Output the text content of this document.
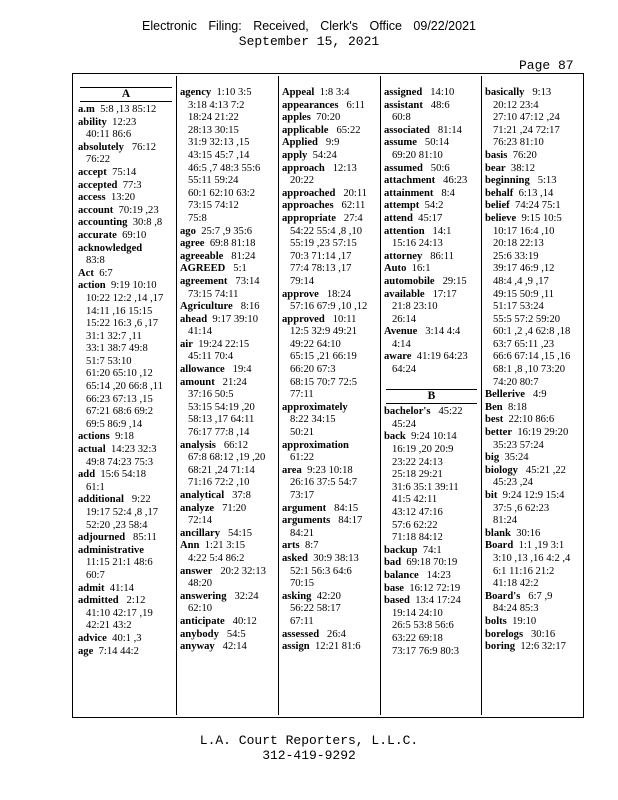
Electronic Filing: Received, Clerk's Office 09/22/2021
September 15, 2021
Page 87
A
a.m  5:8 ,13 85:12
ability  12:23
40:11 86:6
absolutely   76:12
76:22
accept  75:14
accepted  77:3
access  13:20
account  70:19 ,23
accounting  30:8 ,8
accurate  69:10
acknowledged
83:8
Act  6:7
action  9:19 10:10
10:22 12:2 ,14 ,17
14:11 ,16 15:15
15:22 16:3 ,6 ,17
31:1 32:7 ,11
33:1 38:7 49:8
51:7 53:10
61:20 65:10 ,12
65:14 ,20 66:8 ,11
66:23 67:13 ,15
67:21 68:6 69:2
69:5 86:9 ,14
actions  9:18
actual  14:23 32:3
49:8 74:23 75:3
add  15:6 54:18
61:1
additional   9:22
19:17 52:4 ,8 ,17
52:20 ,23 58:4
adjourned   85:11
administrative
11:15 21:1 48:6
60:7
admit  41:14
admitted   2:12
41:10 42:17 ,19
42:21 43:2
advice  40:1 ,3
age  7:14 44:2
agency  1:10 3:5
3:18 4:13 7:2
18:24 21:22
28:13 30:15
31:9 32:13 ,15
43:15 45:7 ,14
46:5 ,7 48:3 55:6
55:11 59:24
60:1 62:10 63:2
73:15 74:12
75:8
ago  25:7 ,9 35:6
agree  69:8 81:18
agreeable   81:24
AGREED   5:1
agreement   73:14
73:15 74:11
Agriculture   8:16
ahead  9:17 39:10
41:14
air  19:24 22:15
45:11 70:4
allowance   19:4
amount   21:24
37:16 50:5
53:15 54:19 ,20
58:13 ,17 64:11
76:17 77:8 ,14
analysis   66:12
67:8 68:12 ,19 ,20
68:21 ,24 71:14
71:16 72:2 ,10
analytical   37:8
analyze   71:20
72:14
ancillary   54:15
Ann  1:21 3:15
4:22 5:4 86:2
answer   20:2 32:13
48:20
answering   32:24
62:10
anticipate   40:12
anybody   54:5
anyway   42:14
Appeal  1:8 3:4
appearances   6:11
apples  70:20
applicable   65:22
Applied   9:9
apply  54:24
approach   12:13
20:22
approached   20:11
approaches   62:11
appropriate   27:4
54:22 55:4 ,8 ,10
55:19 ,23 57:15
70:3 71:14 ,17
77:4 78:13 ,17
79:14
approve   18:24
57:16 67:9 ,10 ,12
approved   10:11
12:5 32:9 49:21
49:22 64:10
65:15 ,21 66:19
66:20 67:3
68:15 70:7 72:5
77:11
approximately
8:22 34:15
50:21
approximation
61:22
area  9:23 10:18
26:16 37:5 54:7
73:17
argument   84:15
arguments   84:17
84:21
arts  8:7
asked  30:9 38:13
52:1 56:3 64:6
70:15
asking  42:20
56:22 58:17
67:11
assessed   26:4
assign  12:21 81:6
assigned   14:10
assistant   48:6
60:8
associated   81:14
assume   50:14
69:20 81:10
assumed   50:6
attachment   46:23
attainment   8:4
attempt  54:2
attend  45:17
attention   14:1
15:16 24:13
attorney   86:11
Auto  16:1
automobile   29:15
available   17:17
21:8 23:10
26:14
Avenue   3:14 4:4
4:14
aware  41:19 64:23
64:24
B
bachelor's   45:22
45:24
back  9:24 10:14
16:19 ,20 20:9
23:22 24:13
25:18 29:21
31:6 35:1 39:11
41:5 42:11
43:12 47:16
57:6 62:22
71:18 84:12
backup  74:1
bad  69:18 70:19
balance   14:23
base  16:12 72:19
based  13:4 17:24
19:14 24:10
26:5 53:8 56:6
63:22 69:18
73:17 76:9 80:3
basically   9:13
20:12 23:4
27:10 47:12 ,24
71:21 ,24 72:17
76:23 81:10
basis  76:20
bear  38:12
beginning   5:13
behalf  6:13 ,14
belief  74:24 75:1
believe  9:15 10:5
10:17 16:4 ,10
20:18 22:13
25:6 33:19
39:17 46:9 ,12
48:4 ,4 ,9 ,17
49:15 50:9 ,11
51:17 53:24
55:5 57:2 59:20
60:1 ,2 ,4 62:8 ,18
63:7 65:11 ,23
66:6 67:14 ,15 ,16
68:1 ,8 ,10 73:20
74:20 80:7
Bellerive   4:9
Ben  8:18
best  22:10 86:6
better  16:19 29:20
35:23 57:24
big  35:24
biology   45:21 ,22
45:23 ,24
bit  9:24 12:9 15:4
37:5 ,6 62:23
81:24
blank  30:16
Board  1:1 ,19 3:1
3:10 ,13 ,16 4:2 ,4
6:1 11:16 21:2
41:18 42:2
Board's   6:7 ,9
84:24 85:3
bolts  19:10
borelogs   30:16
boring  12:6 32:17
L.A. Court Reporters, L.L.C.
312-419-9292
